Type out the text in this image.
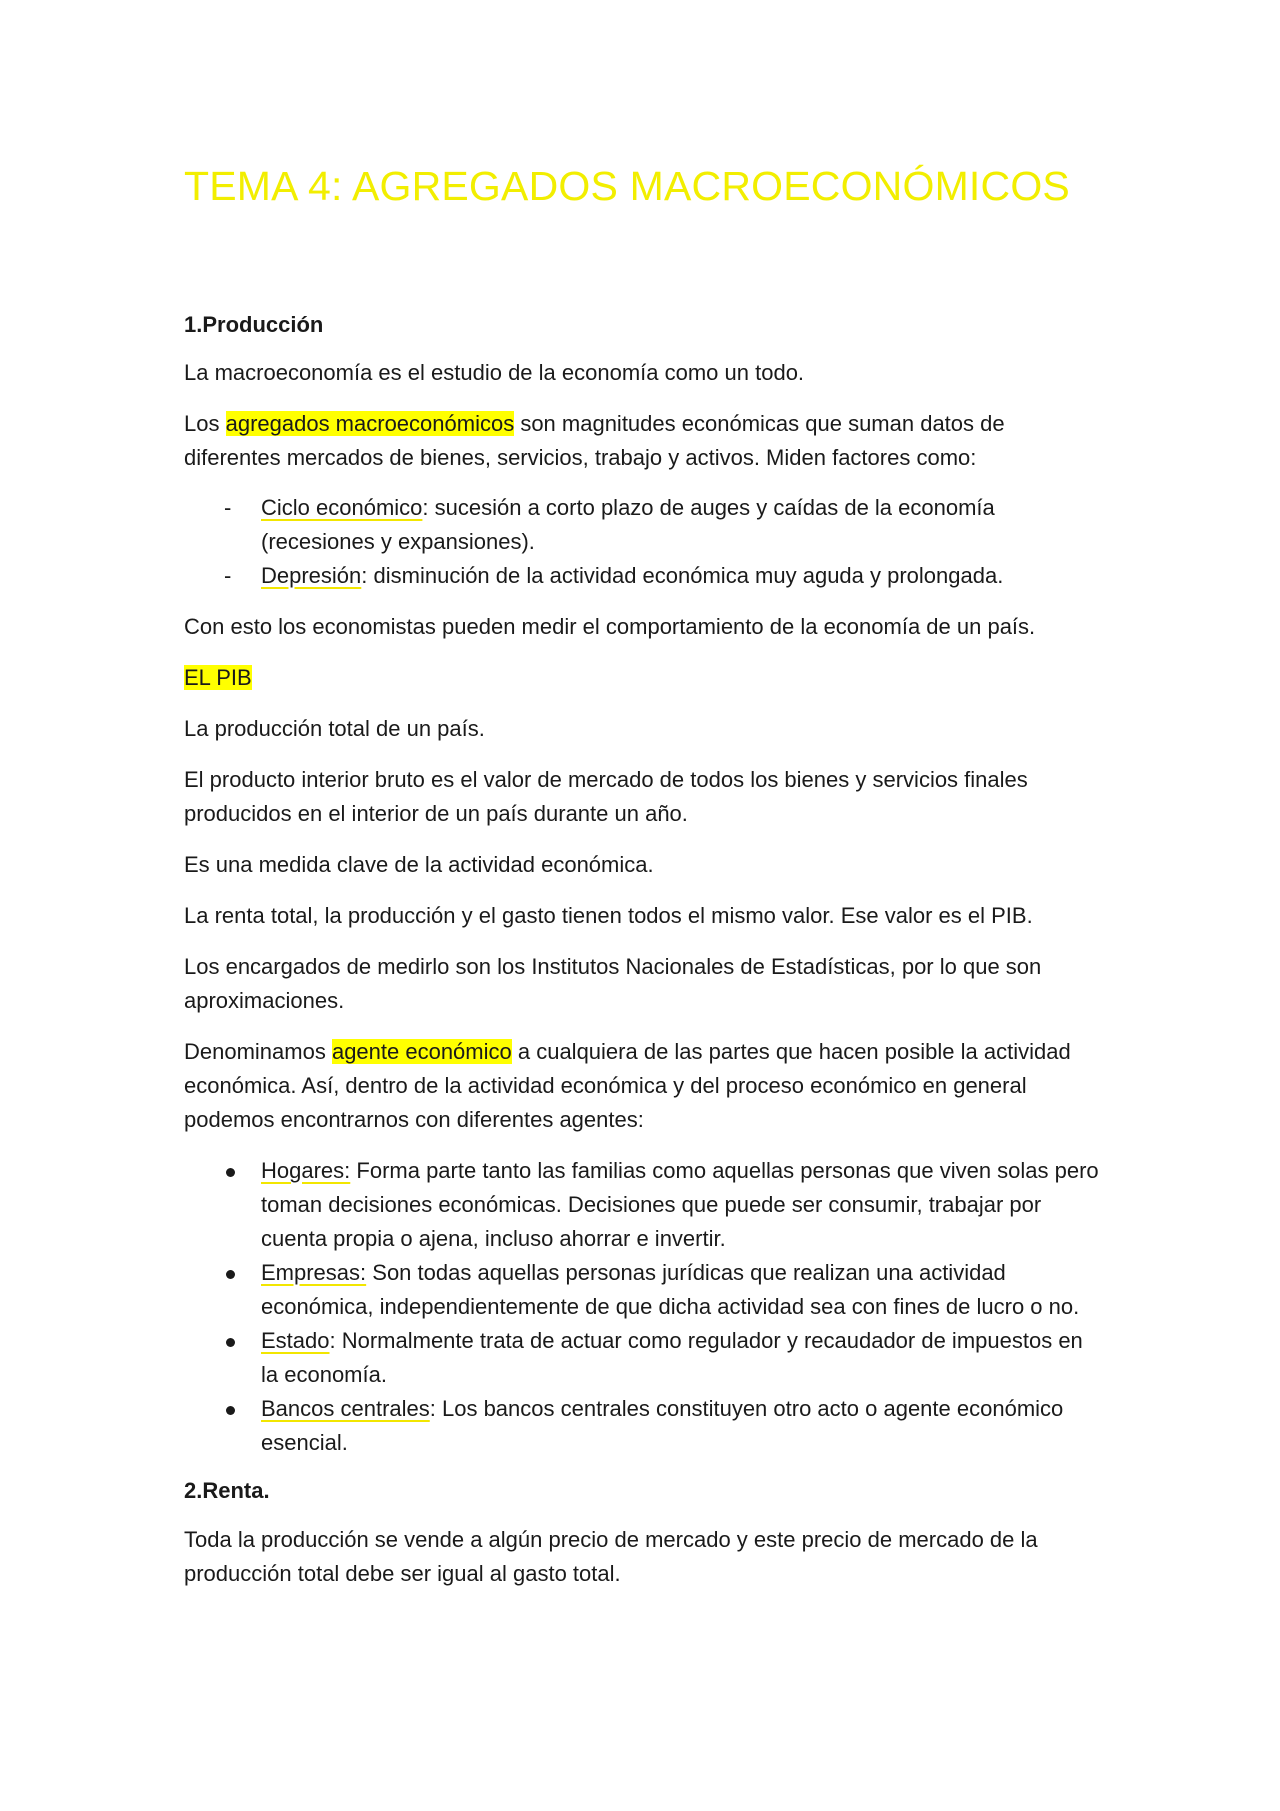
TEMA 4: AGREGADOS MACROECONÓMICOS
1.Producción

La macroeconomía es el estudio de la economía como un todo.

Los agregados macroeconómicos son magnitudes económicas que suman datos de diferentes mercados de bienes, servicios, trabajo y activos. Miden factores como:

- Ciclo económico: sucesión a corto plazo de auges y caídas de la economía (recesiones y expansiones).
- Depresión: disminución de la actividad económica muy aguda y prolongada.

Con esto los economistas pueden medir el comportamiento de la economía de un país.

EL PIB

La producción total de un país.

El producto interior bruto es el valor de mercado de todos los bienes y servicios finales producidos en el interior de un país durante un año.

Es una medida clave de la actividad económica.

La renta total, la producción y el gasto tienen todos el mismo valor. Ese valor es el PIB.

Los encargados de medirlo son los Institutos Nacionales de Estadísticas, por lo que son aproximaciones.

Denominamos agente económico a cualquiera de las partes que hacen posible la actividad económica. Así, dentro de la actividad económica y del proceso económico en general podemos encontrarnos con diferentes agentes:

Hogares: Forma parte tanto las familias como aquellas personas que viven solas pero toman decisiones económicas. Decisiones que puede ser consumir, trabajar por cuenta propia o ajena, incluso ahorrar e invertir.
Empresas: Son todas aquellas personas jurídicas que realizan una actividad económica, independientemente de que dicha actividad sea con fines de lucro o no.
Estado: Normalmente trata de actuar como regulador y recaudador de impuestos en la economía.
Bancos centrales: Los bancos centrales constituyen otro acto o agente económico esencial.
2.Renta.

Toda la producción se vende a algún precio de mercado y este precio de mercado de la producción total debe ser igual al gasto total.
